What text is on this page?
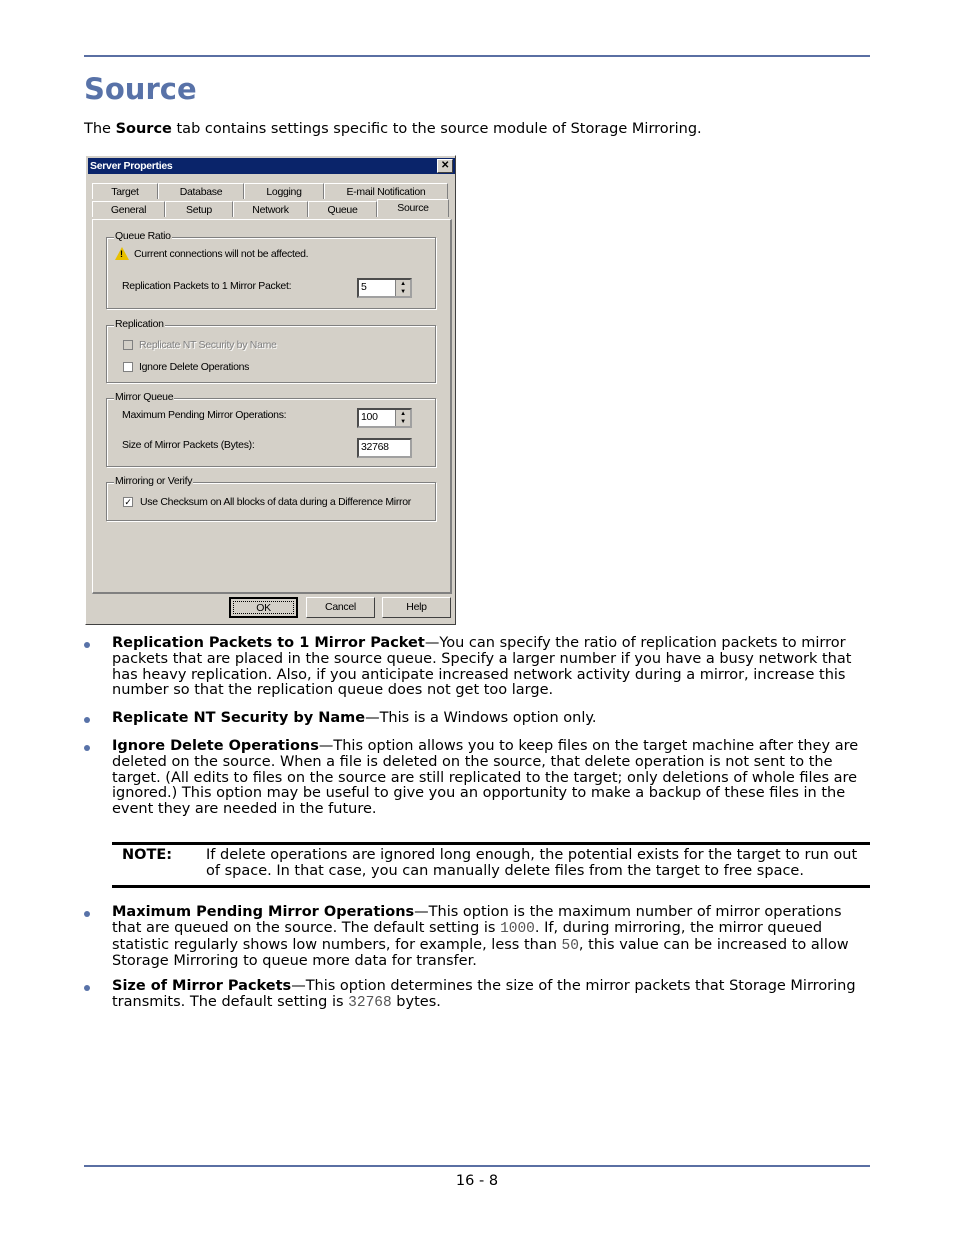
Source

The Source tab contains settings specific to the source module of Storage Mirroring.

Server Properties	✕
Target	Database	Logging	E-mail Notification
General	Setup	Network	Queue	Source
Queue Ratio
! Current connections will not be affected.
Replication Packets to 1 Mirror Packet:	5	▲
▼
Replication
Replicate NT Security by Name
Ignore Delete Operations
Mirror Queue
Maximum Pending Mirror Operations:	100	▲
▼
Size of Mirror Packets (Bytes):	32768
Mirroring or Verify
✓ Use Checksum on All blocks of data during a Difference Mirror
OK	Cancel	Help
Replication Packets to 1 Mirror Packet—You can specify the ratio of replication packets to mirror packets that are placed in the source queue. Specify a larger number if you have a busy network that has heavy replication. Also, if you anticipate increased network activity during a mirror, increase this number so that the replication queue does not get too large.
Replicate NT Security by Name—This is a Windows option only.
Ignore Delete Operations—This option allows you to keep files on the target machine after they are deleted on the source. When a file is deleted on the source, that delete operation is not sent to the target. (All edits to files on the source are still replicated to the target; only deletions of whole files are ignored.) This option may be useful to give you an opportunity to make a backup of these files in the event they are needed in the future.
Maximum Pending Mirror Operations—This option is the maximum number of mirror operations that are queued on the source. The default setting is 1000. If, during mirroring, the mirror queued statistic regularly shows low numbers, for example, less than 50, this value can be increased to allow Storage Mirroring to queue more data for transfer.
Size of Mirror Packets—This option determines the size of the mirror packets that Storage Mirroring transmits. The default setting is 32768 bytes.
NOTE: If delete operations are ignored long enough, the potential exists for the target to run out of space. In that case, you can manually delete files from the target to free space.
16 - 8
